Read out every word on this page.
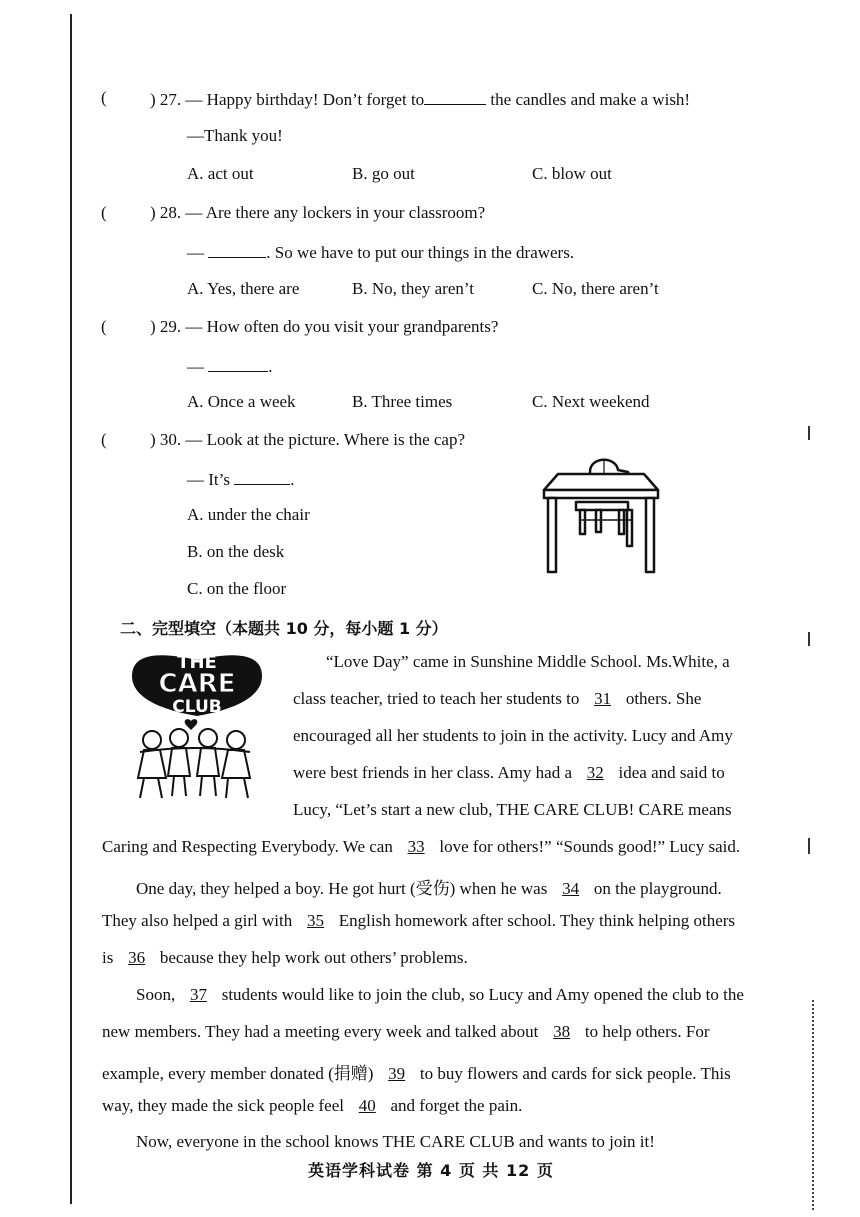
(	) 27. — Happy birthday! Don’t forget to	the candles and make a wish!
—Thank you!
A. act out	B. go out	C. blow out
(	) 28. — Are there any lockers in your classroom?
—	. So we have to put our things in the drawers.
A. Yes, there are	B. No, they aren’t	C. No, there aren’t
(	) 29. — How often do you visit your grandparents?
—	.
A. Once a week	B. Three times	C. Next weekend
(	) 30. — Look at the picture. Where is the cap?
— It’s	.
A. under the chair
B. on the desk
C. on the floor
二、完型填空（本题共 10 分，每小题 1 分）
THE
CARE
CLUB
“Love Day” came in Sunshine Middle School. Ms.White, a
class teacher, tried to teach her students to 31 others. She
encouraged all her students to join in the activity. Lucy and Amy
were best friends in her class. Amy had a 32 idea and said to
Lucy, “Let’s start a new club, THE CARE CLUB! CARE means
Caring and Respecting Everybody. We can 33 love for others!” “Sounds good!” Lucy said.
One day, they helped a boy. He got hurt (受伤) when he was 34 on the playground.
They also helped a girl with 35 English homework after school. They think helping others
is 36 because they help work out others’ problems.
Soon, 37 students would like to join the club, so Lucy and Amy opened the club to the
new members. They had a meeting every week and talked about 38 to help others. For
example, every member donated (捐赠) 39 to buy flowers and cards for sick people. This
way, they made the sick people feel 40 and forget the pain.
Now, everyone in the school knows THE CARE CLUB and wants to join it!
英语学科试卷 第 4 页 共 12 页
